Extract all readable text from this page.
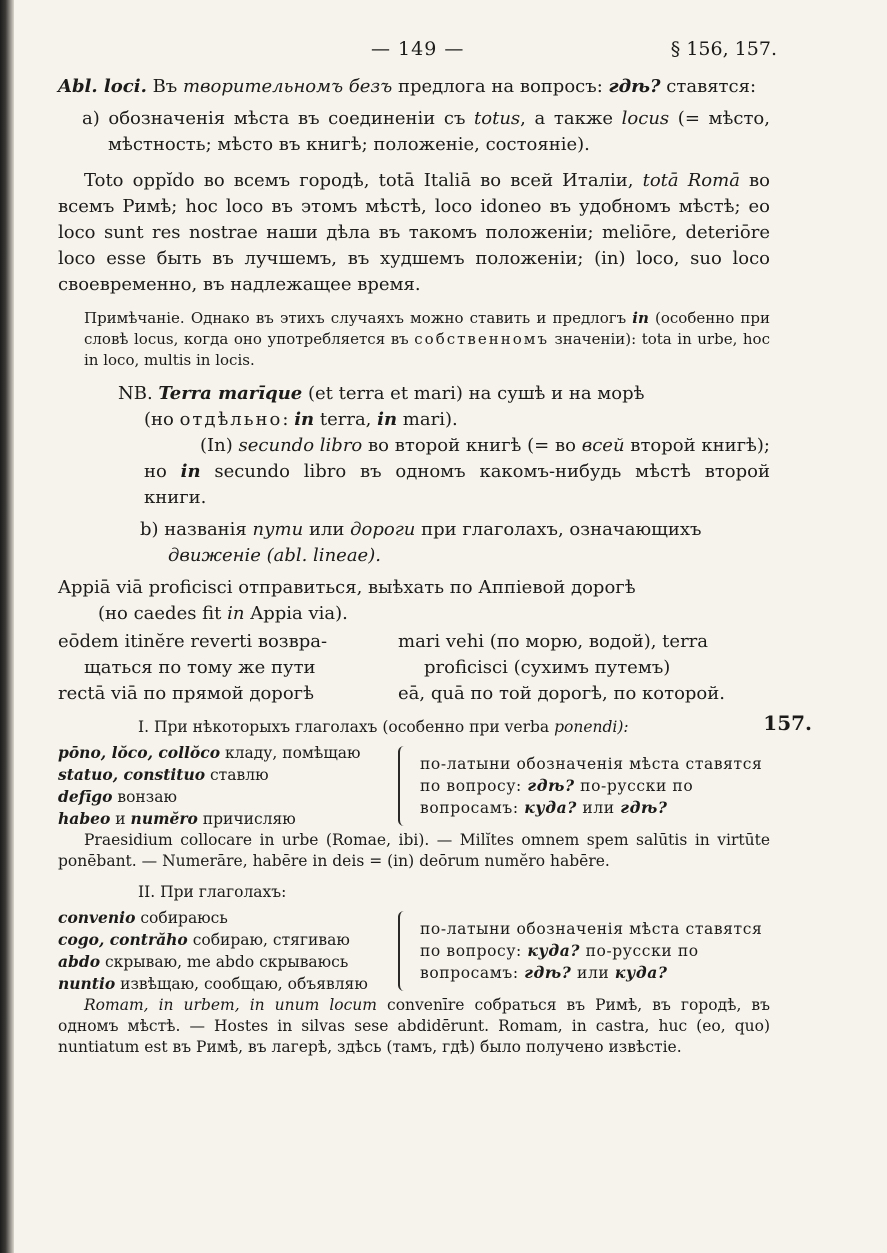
— 149 —	§ 156, 157.

Abl. loci. Въ творительномъ безъ предлога на вопросъ: гдѣ? ставятся:

a) обозначенія мѣста въ соединеніи съ totus, а также locus (= мѣсто, мѣстность; мѣсто въ книгѣ; положеніе, состояніе).

Toto oppĭdo во всемъ городѣ, totā Italiā во всей Италіи, totā Romā во всемъ Римѣ; hoc loco въ этомъ мѣстѣ, loco idoneo въ удобномъ мѣстѣ; eo loco sunt res nostrae наши дѣла въ такомъ положеніи; meliōre, deteriōre loco esse быть въ лучшемъ, въ худшемъ положеніи; (in) loco, suo loco своевременно, въ надлежащее время.

Примѣчаніе. Однако въ этихъ случаяхъ можно ставить и предлогъ in (особенно при словѣ locus, когда оно употребляется въ собственномъ значеніи): tota in urbe, hoc in loco, multis in locis.

NB. Terra marīque (et terra et mari) на сушѣ и на морѣ
(но отдѣльно: in terra, in mari).

(In) secundo libro во второй книгѣ (= во всей второй книгѣ); но in secundo libro въ одномъ какомъ-нибудь мѣстѣ второй книги.

b) названія пути или дороги при глаголахъ, означающихъ движеніе (abl. lineae).

Appiā viā proficisci отправиться, выѣхать по Аппіевой дорогѣ
(но caedes fit in Appia via).

eōdem itinĕre reverti возвра-
щаться по тому же пути
rectā viā по прямой дорогѣ
mari vehi (по морю, водой), terra
proficisci (сухимъ путемъ)
eā, quā по той дорогѣ, по которой.
I. При нѣкоторыхъ глаголахъ (особенно при verba ponendi):	157.
pōno, lŏco, collŏco кладу, помѣщаю
statuo, constituo ставлю
defīgo вонзаю
habeo и numĕro причисляю
по-латыни обозначенія мѣста ставятся по вопросу: гдѣ? по-русски по вопросамъ: куда? или гдѣ?

Praesidium collocare in urbe (Romae, ibi). — Milĭtes omnem spem salūtis in virtūte ponēbant. — Numerāre, habēre in deis = (in) deōrum numĕro habēre.

II. При глаголахъ:
convenio собираюсь
cogo, contrăho собираю, стягиваю
abdo скрываю, me abdo скрываюсь
nuntio извѣщаю, сообщаю, объявляю
по-латыни обозначенія мѣста ставятся по вопросу: куда? по-русски по вопросамъ: гдѣ? или куда?

Romam, in urbem, in unum locum convenīre собраться въ Римѣ, въ городѣ, въ одномъ мѣстѣ. — Hostes in silvas sese abdidērunt. Romam, in castra, huc (eo, quo) nuntiatum est въ Римѣ, въ лагерѣ, здѣсь (тамъ, гдѣ) было получено извѣстіе.
